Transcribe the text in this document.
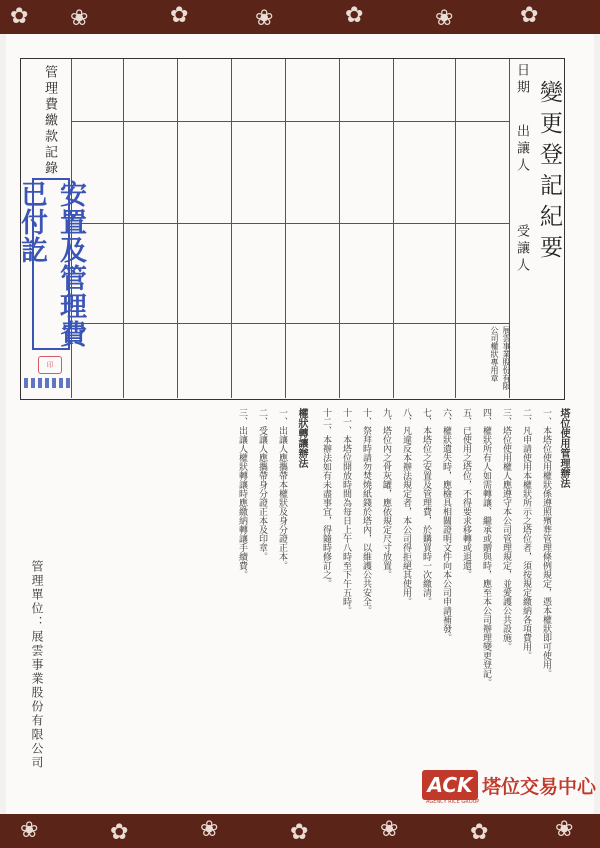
✿ ❀	✿	❀	✿	❀	✿
變更登記紀要
日期
出讓人
受讓人
展雲事業股份有限公司權狀專用章
管理費繳款記錄
已付訖
印
塔位使用管理辦法
一、本塔位使用權狀係遵照殯葬管理條例規定，憑本權狀即可使用。
二、凡申請使用本權狀所示之塔位者，須按規定繳納各項費用。
三、塔位使用權人應遵守本公司管理規定，並愛護公共設施。
四、權狀所有人如需轉讓、繼承或贈與時，應至本公司辦理變更登記。
五、已使用之塔位，不得要求移轉或退還。
六、權狀遺失時，應檢具相關證明文件向本公司申請補發。
七、本塔位之安置及管理費，於購買時一次繳清。
八、凡違反本辦法規定者，本公司得拒絕其使用。
九、塔位內之骨灰罐，應依規定尺寸放置。
十、祭拜時請勿焚燒紙錢於塔內，以維護公共安全。
十一、本塔位開放時間為每日上午八時至下午五時。
十二、本辦法如有未盡事宜，得隨時修訂之。
權狀轉讓辦法
一、出讓人應攜帶本權狀及身分證正本。
二、受讓人應攜帶身分證正本及印章。
三、出讓人權狀轉讓時應繳納轉讓手續費。
管理單位：展雲事業股份有限公司
ACK 塔位交易中心
AGENCY RICE GROUP
❀	✿	❀	✿	❀	✿	❀
